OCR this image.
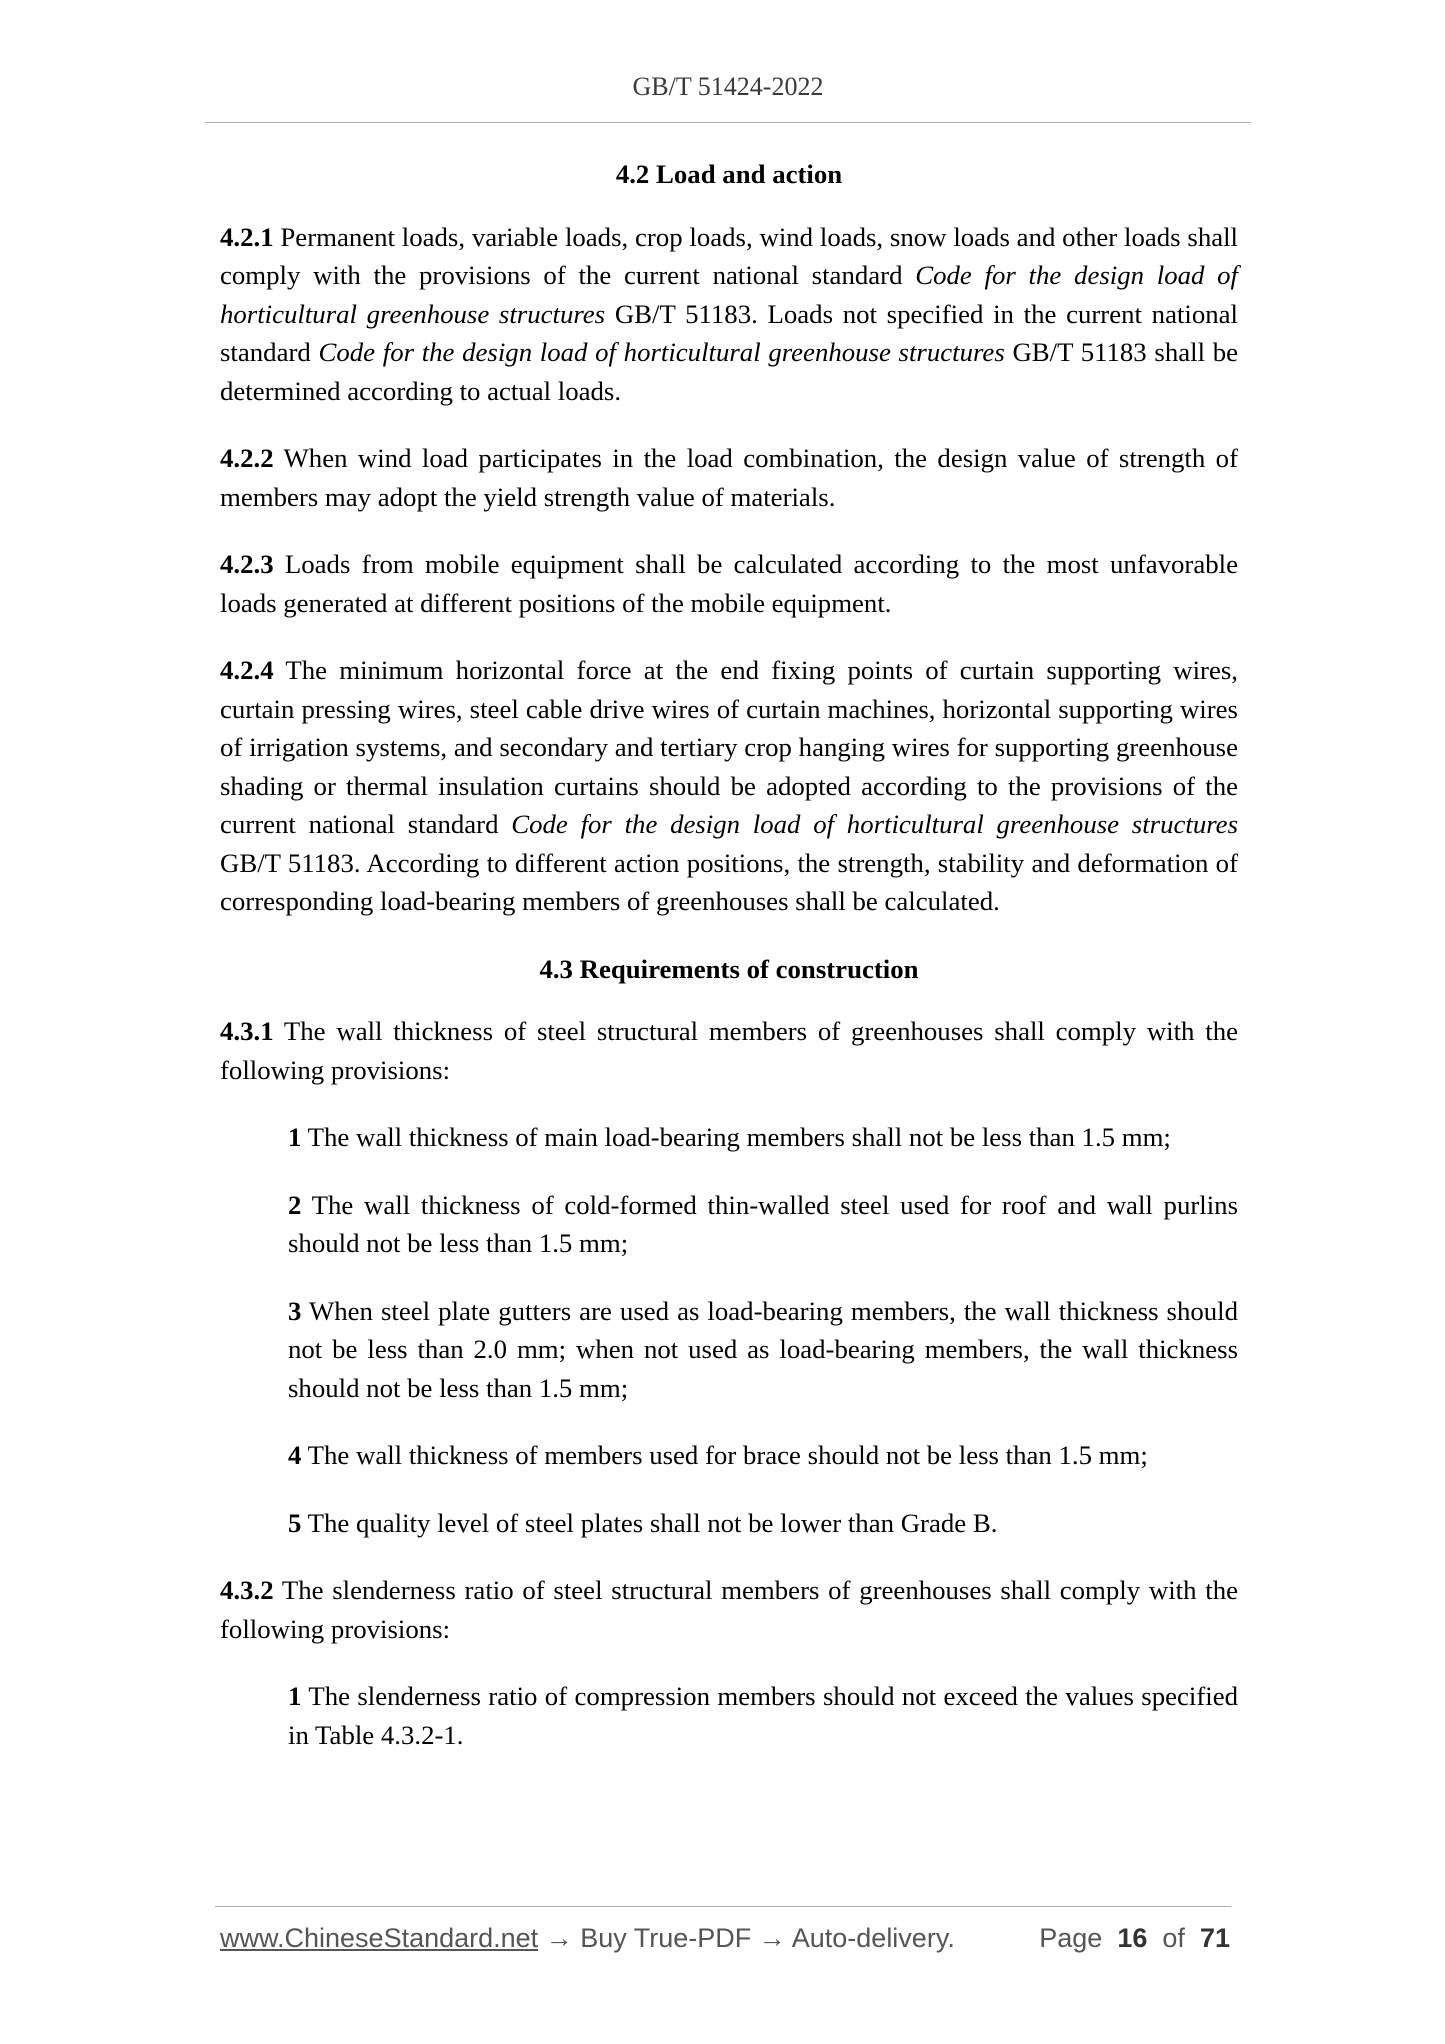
GB/T 51424-2022
4.2 Load and action

4.2.1 Permanent loads, variable loads, crop loads, wind loads, snow loads and other loads shall comply with the provisions of the current national standard Code for the design load of horticultural greenhouse structures GB/T 51183. Loads not specified in the current national standard Code for the design load of horticultural greenhouse structures GB/T 51183 shall be determined according to actual loads.

4.2.2 When wind load participates in the load combination, the design value of strength of members may adopt the yield strength value of materials.

4.2.3 Loads from mobile equipment shall be calculated according to the most unfavorable loads generated at different positions of the mobile equipment.

4.2.4 The minimum horizontal force at the end fixing points of curtain supporting wires, curtain pressing wires, steel cable drive wires of curtain machines, horizontal supporting wires of irrigation systems, and secondary and tertiary crop hanging wires for supporting greenhouse shading or thermal insulation curtains should be adopted according to the provisions of the current national standard Code for the design load of horticultural greenhouse structures GB/T 51183. According to different action positions, the strength, stability and deformation of corresponding load-bearing members of greenhouses shall be calculated.

4.3 Requirements of construction

4.3.1 The wall thickness of steel structural members of greenhouses shall comply with the following provisions:

1 The wall thickness of main load-bearing members shall not be less than 1.5 mm;

2 The wall thickness of cold-formed thin-walled steel used for roof and wall purlins should not be less than 1.5 mm;

3 When steel plate gutters are used as load-bearing members, the wall thickness should not be less than 2.0 mm; when not used as load-bearing members, the wall thickness should not be less than 1.5 mm;

4 The wall thickness of members used for brace should not be less than 1.5 mm;

5 The quality level of steel plates shall not be lower than Grade B.

4.3.2 The slenderness ratio of steel structural members of greenhouses shall comply with the following provisions:

1 The slenderness ratio of compression members should not exceed the values specified in Table 4.3.2-1.

www.ChineseStandard.net → Buy True-PDF → Auto-delivery.	Page 16 of 71
